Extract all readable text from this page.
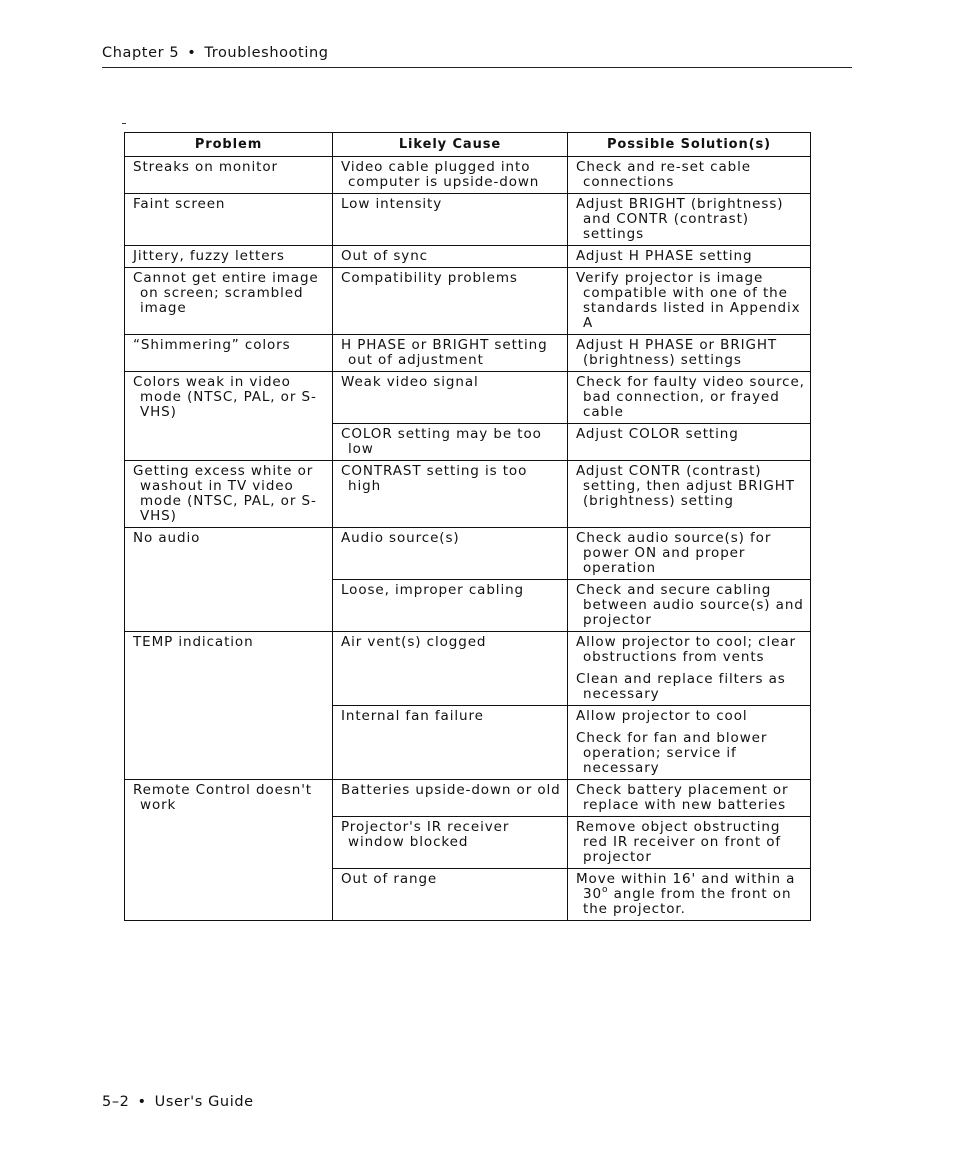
Chapter 5 • Troubleshooting
Problem	Likely Cause	Possible Solution(s)

Streaks on monitor	Video cable plugged into computer is upside-down	Check and re-set cable connections

Faint screen	Low intensity	Adjust BRIGHT (brightness) and CONTR (contrast) settings

Jittery, fuzzy letters	Out of sync	Adjust H PHASE setting

Cannot get entire image on screen; scrambled image	Compatibility problems	Verify projector is image compatible with one of the standards listed in Appendix A

“Shimmering” colors	H PHASE or BRIGHT setting out of adjustment	Adjust H PHASE or BRIGHT (brightness) settings

Colors weak in video mode (NTSC, PAL, or S-VHS)	Weak video signal	Check for faulty video source, bad connection, or frayed cable

	COLOR setting may be too low	Adjust COLOR setting

Getting excess white or washout in TV video mode (NTSC, PAL, or S-VHS)	CONTRAST setting is too high	Adjust CONTR (contrast) setting, then adjust BRIGHT (brightness) setting

No audio	Audio source(s)	Check audio source(s) for power ON and proper operation

	Loose, improper cabling	Check and secure cabling between audio source(s) and projector

TEMP indication	Air vent(s) clogged	Allow projector to cool; clear obstructions from vents
Clean and replace filters as necessary

	Internal fan failure	Allow projector to cool
Check for fan and blower operation; service if necessary

Remote Control doesn't work	Batteries upside-down or old	Check battery placement or replace with new batteries

	Projector's IR receiver window blocked	Remove object obstructing red IR receiver on front of projector

	Out of range	Move within 16' and within a 30$^o$ angle from the front on the projector.
5–2 • User's Guide
